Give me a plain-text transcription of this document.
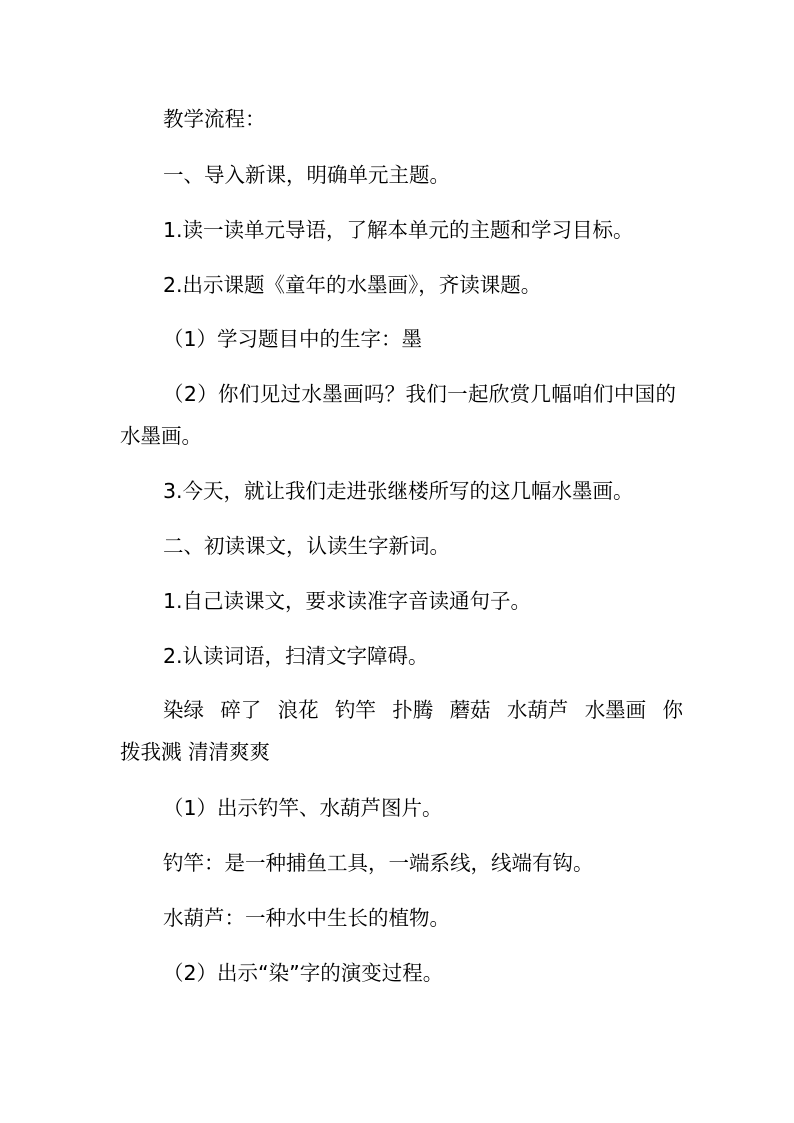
教学流程：

一、导入新课，明确单元主题。

1.读一读单元导语，了解本单元的主题和学习目标。

2.出示课题《童年的水墨画》，齐读课题。

（1）学习题目中的生字：墨

（2）你们见过水墨画吗？我们一起欣赏几幅咱们中国的水墨画。

3.今天，就让我们走进张继楼所写的这几幅水墨画。

二、初读课文，认读生字新词。

1.自己读课文，要求读准字音读通句子。

2.认读词语，扫清文字障碍。

染绿 碎了 浪花 钓竿 扑腾 蘑菇 水葫芦 水墨画 你

拨我溅 清清爽爽

（1）出示钓竿、水葫芦图片。

钓竿：是一种捕鱼工具，一端系线，线端有钩。

水葫芦：一种水中生长的植物。

（2）出示“染”字的演变过程。
